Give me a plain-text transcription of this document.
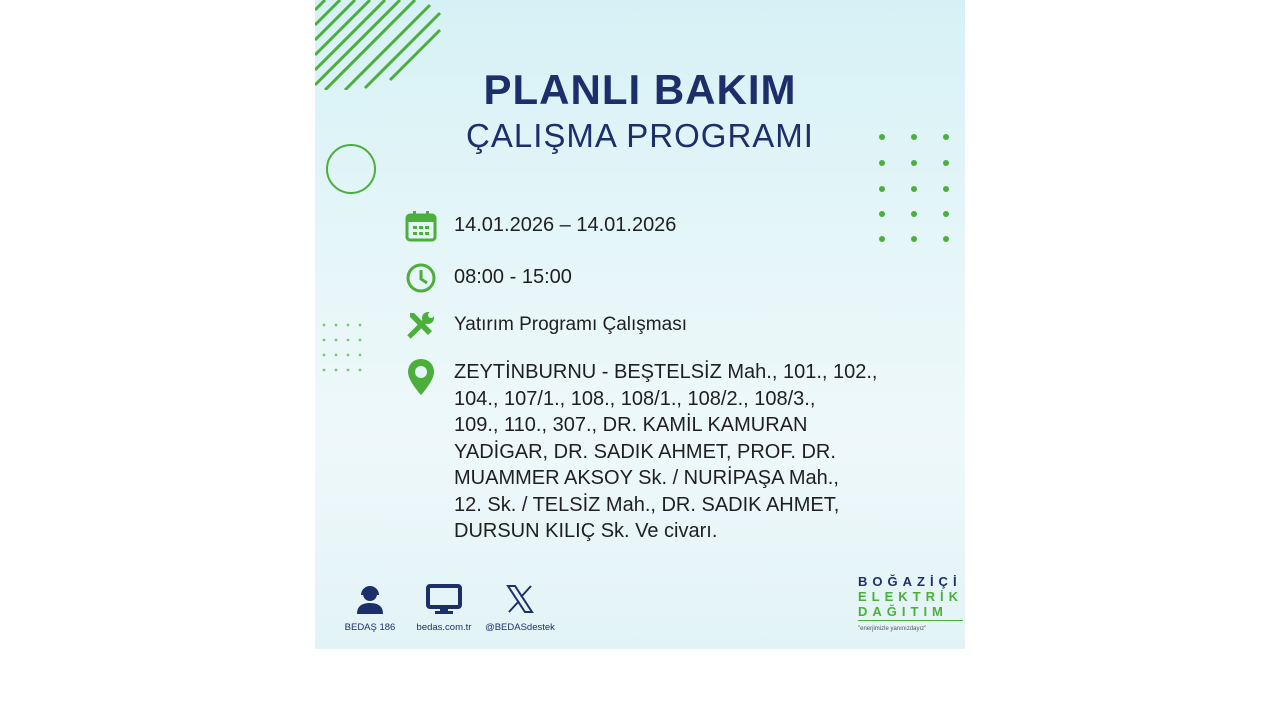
PLANLI BAKIM
ÇALIŞMA PROGRAMI
14.01.2026 – 14.01.2026
08:00 - 15:00
Yatırım Programı Çalışması
ZEYTİNBURNU - BEŞTELSİZ Mah., 101., 102.,
104., 107/1., 108., 108/1., 108/2., 108/3.,
109., 110., 307., DR. KAMİL KAMURAN
YADİGAR, DR. SADIK AHMET, PROF. DR.
MUAMMER AKSOY Sk. / NURİPAŞA Mah.,
12. Sk. / TELSİZ Mah., DR. SADIK AHMET,
DURSUN KILIÇ Sk. Ve civarı.
BEDAŞ 186	bedas.com.tr	@BEDASdestek
BOĞAZİÇİ
ELEKTRİK
DAĞITIM
"enerjimizle yanınızdayız"
